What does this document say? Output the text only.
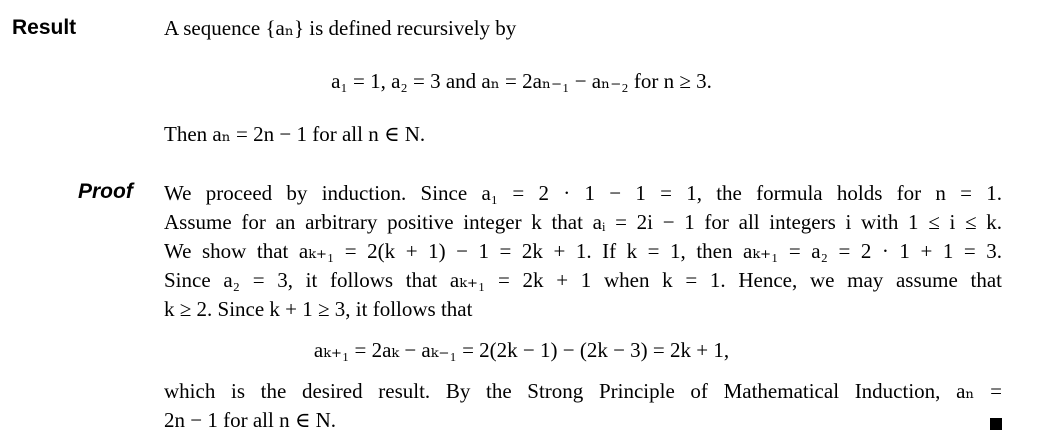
Result	A sequence {aₙ} is defined recursively by
a₁ = 1, a₂ = 3 and aₙ = 2aₙ₋₁ − aₙ₋₂ for n ≥ 3.
Then aₙ = 2n − 1 for all n ∈ N.
Proof We proceed by induction. Since a₁ = 2 · 1 − 1 = 1, the formula holds for n = 1.
Assume for an arbitrary positive integer k that aᵢ = 2i − 1 for all integers i with 1 ≤ i ≤ k.
We show that aₖ₊₁ = 2(k + 1) − 1 = 2k + 1. If k = 1, then aₖ₊₁ = a₂ = 2 · 1 + 1 = 3.
Since a₂ = 3, it follows that aₖ₊₁ = 2k + 1 when k = 1. Hence, we may assume that
k ≥ 2. Since k + 1 ≥ 3, it follows that
aₖ₊₁ = 2aₖ − aₖ₋₁ = 2(2k − 1) − (2k − 3) = 2k + 1,
which is the desired result. By the Strong Principle of Mathematical Induction, aₙ =
2n − 1 for all n ∈ N.
